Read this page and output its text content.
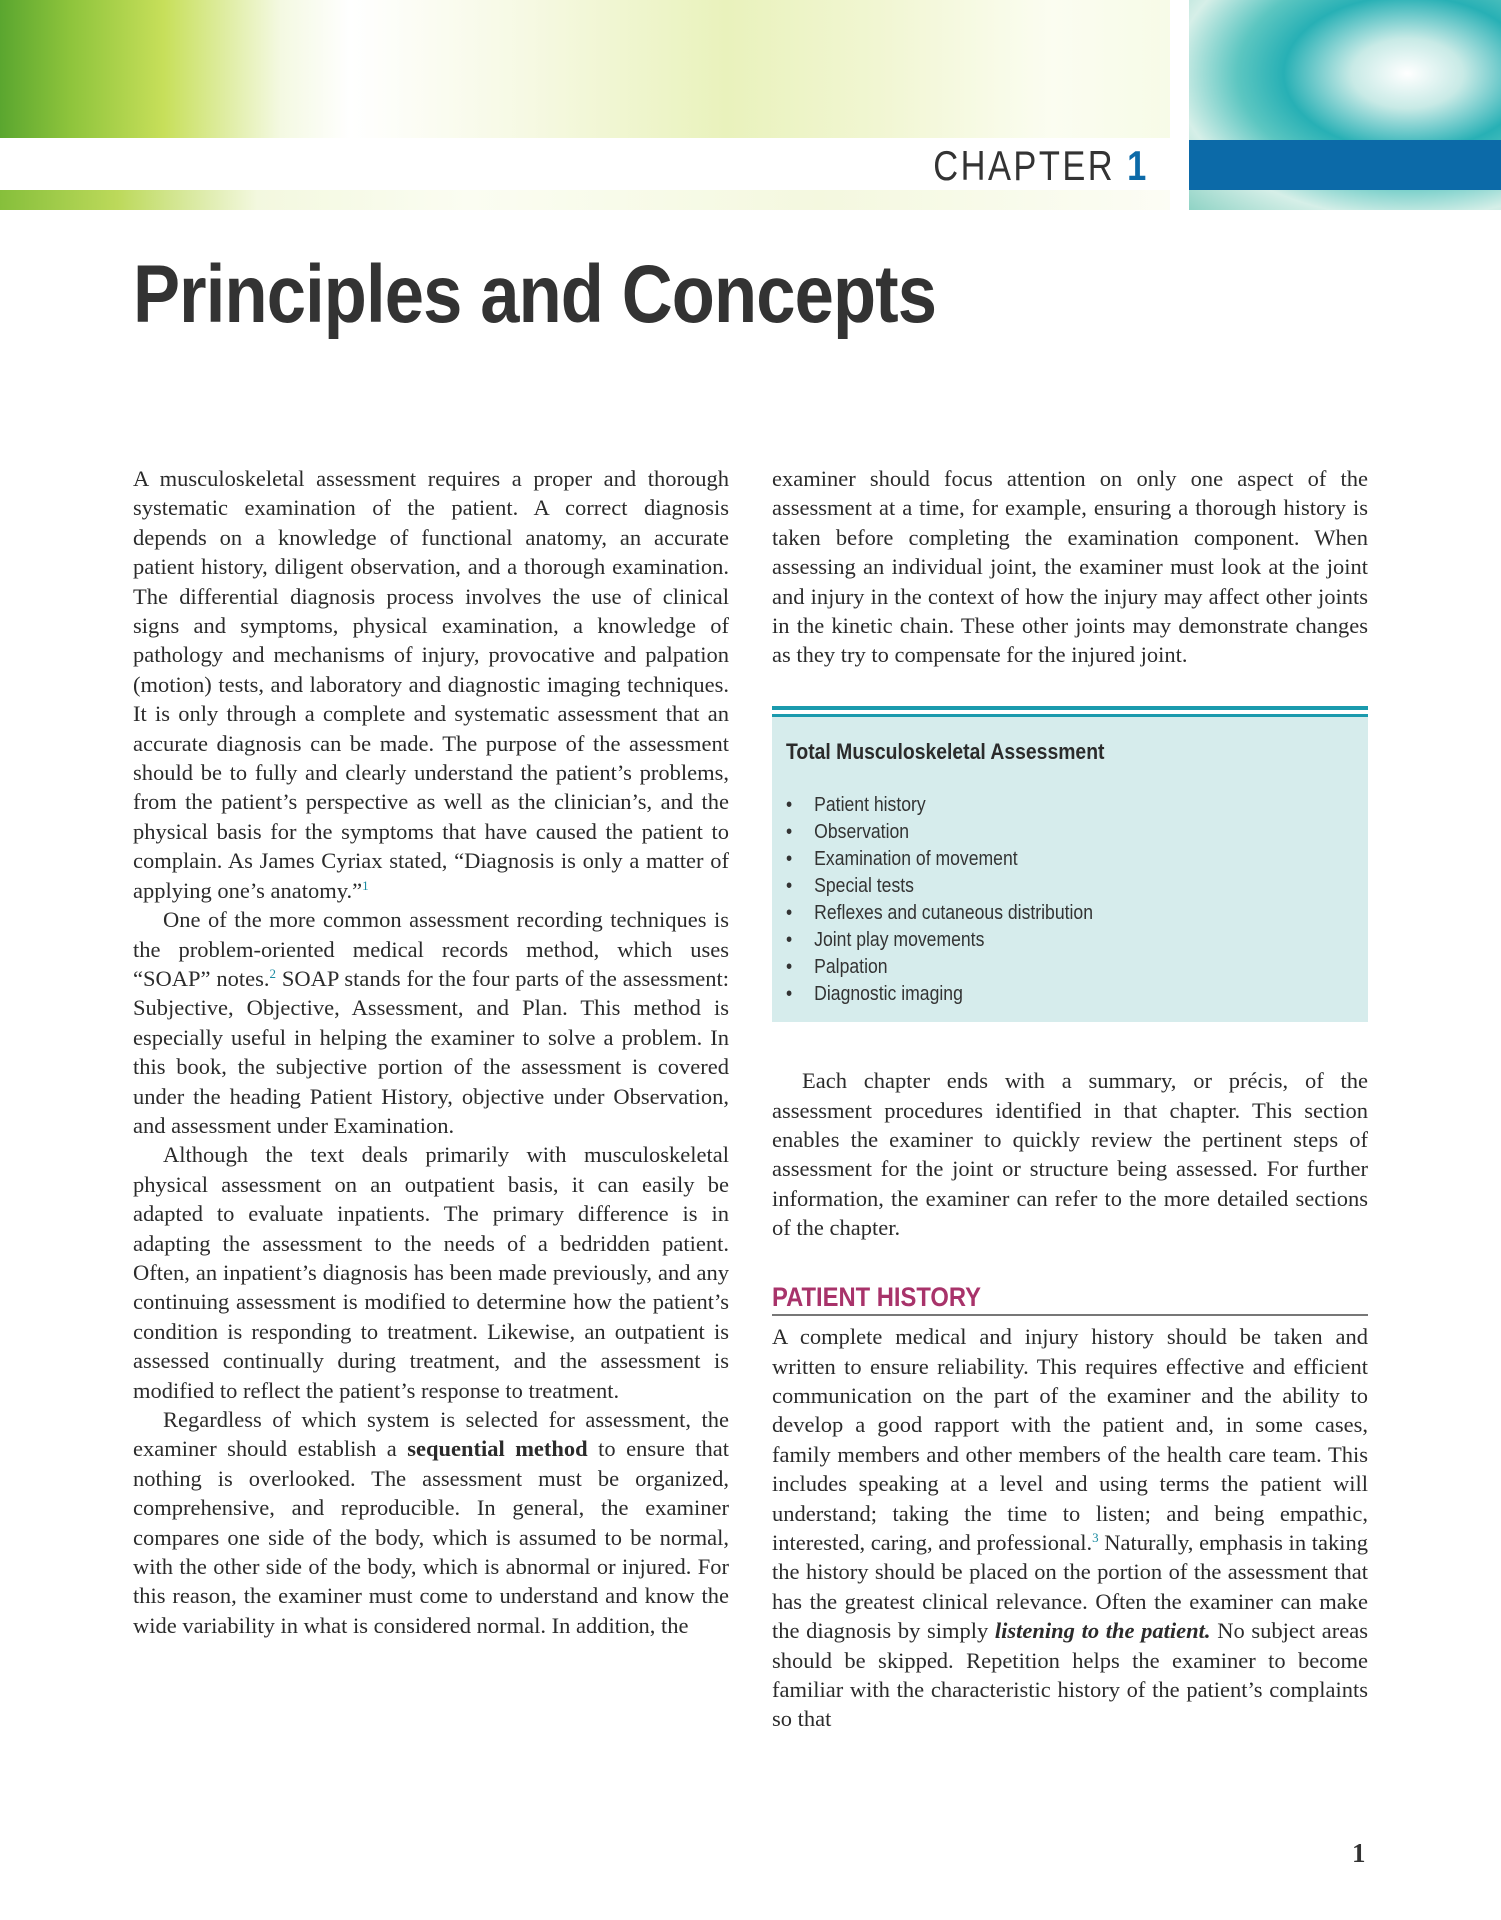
CHAPTER 1
Principles and Concepts

A musculoskeletal assessment requires a proper and thorough systematic examination of the patient. A correct diagnosis depends on a knowledge of functional anatomy, an accurate patient history, diligent observation, and a thorough examination. The differential diagnosis process involves the use of clinical signs and symptoms, physical examination, a knowledge of pathology and mechanisms of injury, provocative and palpation (motion) tests, and laboratory and diagnostic imaging techniques. It is only through a complete and systematic assessment that an accurate diagnosis can be made. The purpose of the assessment should be to fully and clearly understand the patient’s problems, from the patient’s perspective as well as the clinician’s, and the physical basis for the symptoms that have caused the patient to complain. As James Cyriax stated, “Diagnosis is only a matter of applying one’s anatomy.”$^1$

One of the more common assessment recording techniques is the problem-oriented medical records method, which uses “SOAP” notes.$^2$ SOAP stands for the four parts of the assessment: Subjective, Objective, Assessment, and Plan. This method is especially useful in helping the examiner to solve a problem. In this book, the subjective portion of the assessment is covered under the heading Patient History, objective under Observation, and assessment under Examination.

Although the text deals primarily with musculoskeletal physical assessment on an outpatient basis, it can easily be adapted to evaluate inpatients. The primary difference is in adapting the assessment to the needs of a bedridden patient. Often, an inpatient’s diagnosis has been made previously, and any continuing assessment is modified to determine how the patient’s condition is responding to treatment. Likewise, an outpatient is assessed continually during treatment, and the assessment is modified to reflect the patient’s response to treatment.

Regardless of which system is selected for assessment, the examiner should establish a sequential method to ensure that nothing is overlooked. The assessment must be organized, comprehensive, and reproducible. In general, the examiner compares one side of the body, which is assumed to be normal, with the other side of the body, which is abnormal or injured. For this reason, the examiner must come to understand and know the wide variability in what is considered normal. In addition, the

examiner should focus attention on only one aspect of the assessment at a time, for example, ensuring a thorough history is taken before completing the examination component. When assessing an individual joint, the examiner must look at the joint and injury in the context of how the injury may affect other joints in the kinetic chain. These other joints may demonstrate changes as they try to compensate for the injured joint.

Total Musculoskeletal Assessment
•	Patient history
•	Observation
•	Examination of movement
•	Special tests
•	Reflexes and cutaneous distribution
•	Joint play movements
•	Palpation
•	Diagnostic imaging

Each chapter ends with a summary, or précis, of the assessment procedures identified in that chapter. This section enables the examiner to quickly review the pertinent steps of assessment for the joint or structure being assessed. For further information, the examiner can refer to the more detailed sections of the chapter.

PATIENT HISTORY

A complete medical and injury history should be taken and written to ensure reliability. This requires effective and efficient communication on the part of the examiner and the ability to develop a good rapport with the patient and, in some cases, family members and other members of the health care team. This includes speaking at a level and using terms the patient will understand; taking the time to listen; and being empathic, interested, caring, and professional.$^3$ Naturally, emphasis in taking the history should be placed on the portion of the assessment that has the greatest clinical relevance. Often the examiner can make the diagnosis by simply listening to the patient. No subject areas should be skipped. Repetition helps the examiner to become familiar with the characteristic history of the patient’s complaints so that

1
